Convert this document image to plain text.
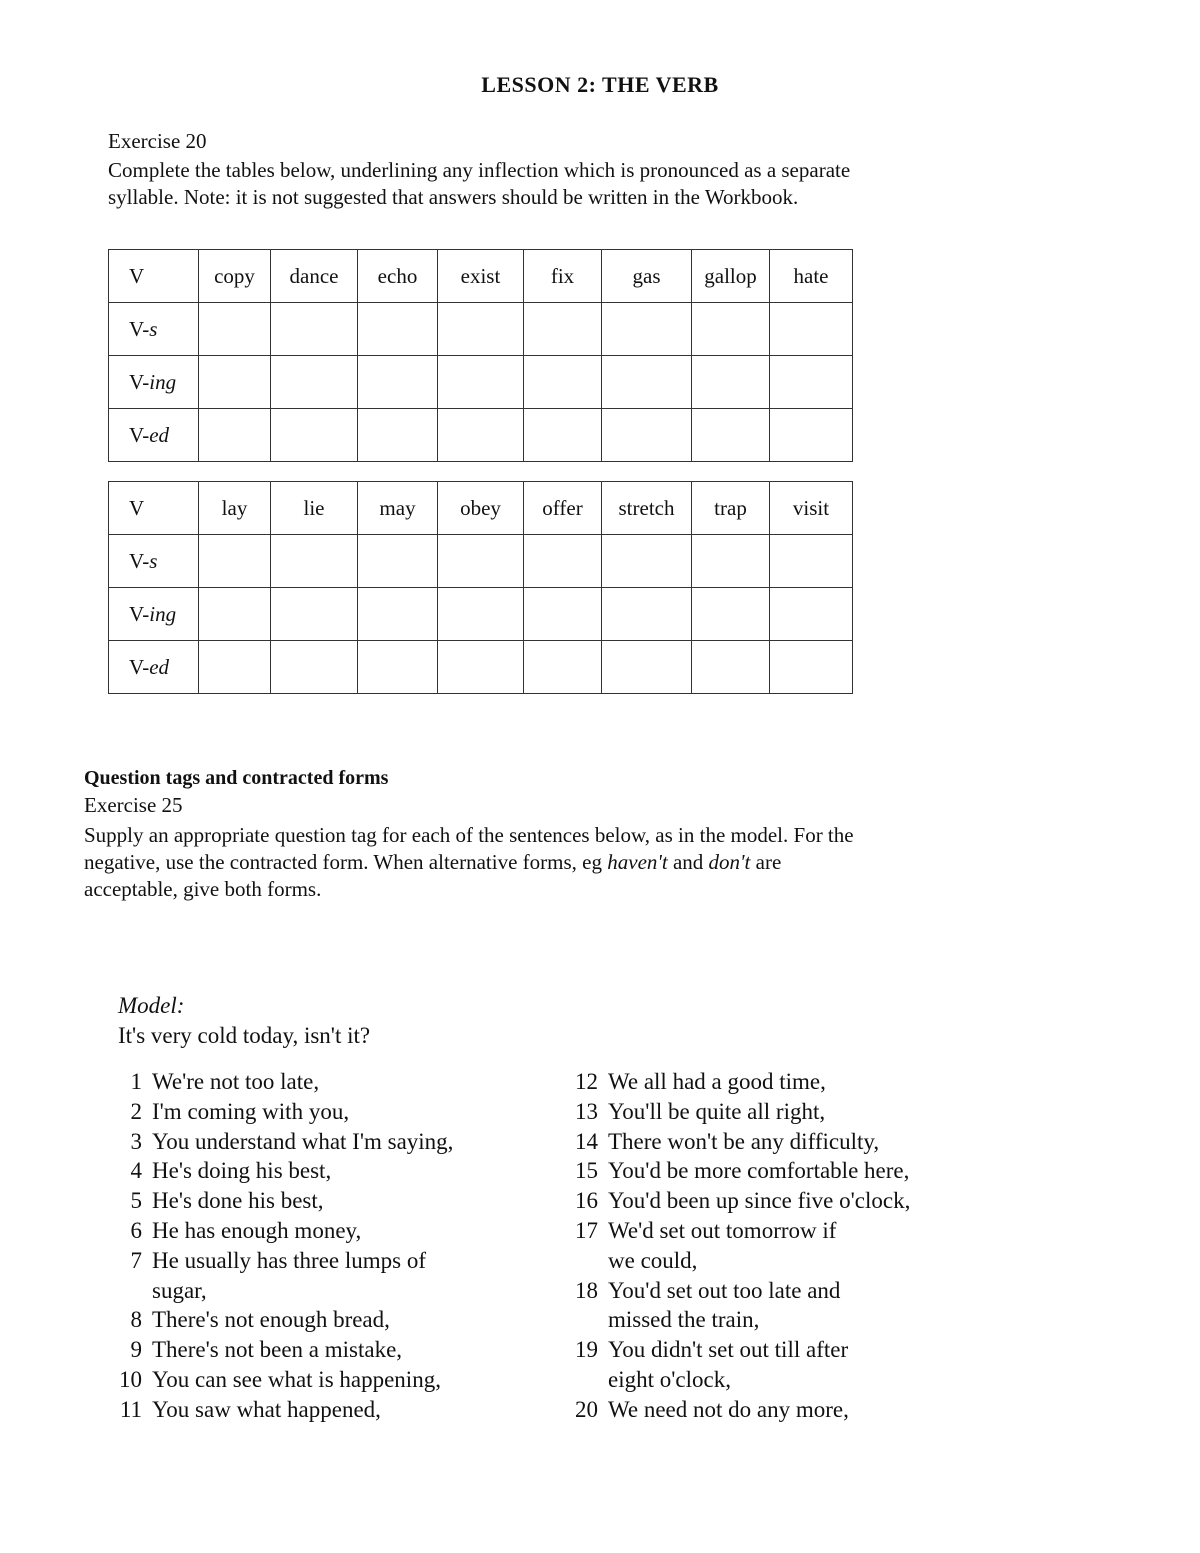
LESSON 2: THE VERB
Exercise 20
Complete the tables below, underlining any inflection which is pronounced as a separate syllable. Note: it is not suggested that answers should be written in the Workbook.
V	copy	dance	echo	exist	fix	gas	gallop	hate
V-s								
V-ing								
V-ed								
V	lay	lie	may	obey	offer	stretch	trap	visit
V-s								
V-ing								
V-ed								
Question tags and contracted forms
Exercise 25
Supply an appropriate question tag for each of the sentences below, as in the model. For the negative, use the contracted form. When alternative forms, eg haven't and don't are acceptable, give both forms.
Model:
It's very cold today, isn't it?
1 We're not too late,
2 I'm coming with you,
3 You understand what I'm saying,
4 He's doing his best,
5 He's done his best,
6 He has enough money,
7 He usually has three lumps of
sugar,
8 There's not enough bread,
9 There's not been a mistake,
10 You can see what is happening,
11 You saw what happened,
12 We all had a good time,
13 You'll be quite all right,
14 There won't be any difficulty,
15 You'd be more comfortable here,
16 You'd been up since five o'clock,
17 We'd set out tomorrow if
we could,
18 You'd set out too late and
missed the train,
19 You didn't set out till after
eight o'clock,
20 We need not do any more,
